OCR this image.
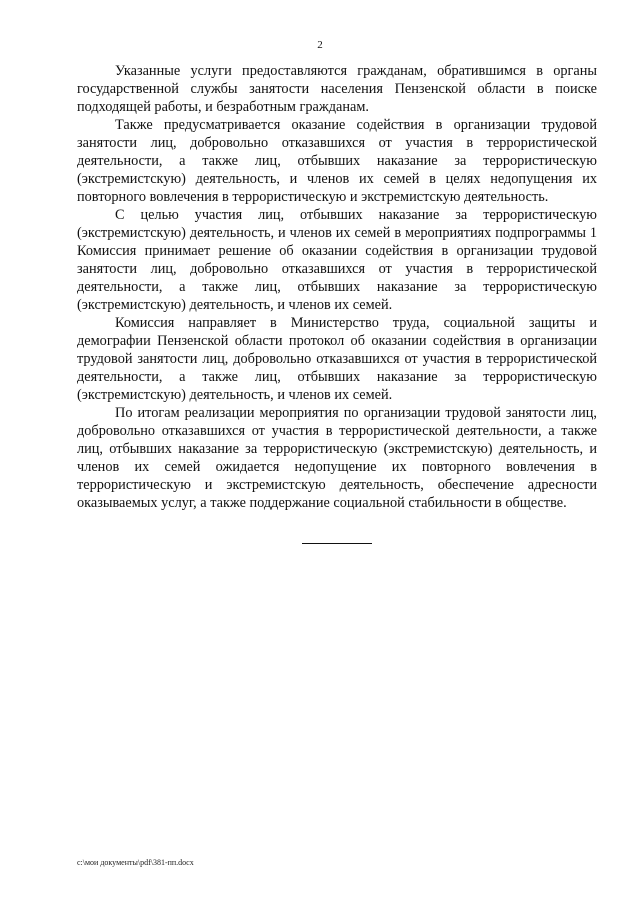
2

Указанные услуги предоставляются гражданам, обратившимся в органы государственной службы занятости населения Пензенской области в поиске подходящей работы, и безработным гражданам.

Также предусматривается оказание содействия в организации трудовой занятости лиц, добровольно отказавшихся от участия в террористической деятельности, а также лиц, отбывших наказание за террористическую (экстремистскую) деятельность, и членов их семей в целях недопущения их повторного вовлечения в террористическую и экстремистскую деятельность.

С целью участия лиц, отбывших наказание за террористическую (экстремистскую) деятельность, и членов их семей в мероприятиях подпрограммы 1 Комиссия принимает решение об оказании содействия в организации трудовой занятости лиц, добровольно отказавшихся от участия в террористической деятельности, а также лиц, отбывших наказание за террористическую (экстремистскую) деятельность, и членов их семей.

Комиссия направляет в Министерство труда, социальной защиты и демографии Пензенской области протокол об оказании содействия в организации трудовой занятости лиц, добровольно отказавшихся от участия в террористической деятельности, а также лиц, отбывших наказание за террористическую (экстремистскую) деятельность, и членов их семей.

По итогам реализации мероприятия по организации трудовой занятости лиц, добровольно отказавшихся от участия в террористической деятельности, а также лиц, отбывших наказание за террористическую (экстремистскую) деятельность, и членов их семей ожидается недопущение их повторного вовлечения в террористическую и экстремистскую деятельность, обеспечение адресности оказываемых услуг, а также поддержание социальной стабильности в обществе.

c:\мои документы\pdf\381-пп.docx
